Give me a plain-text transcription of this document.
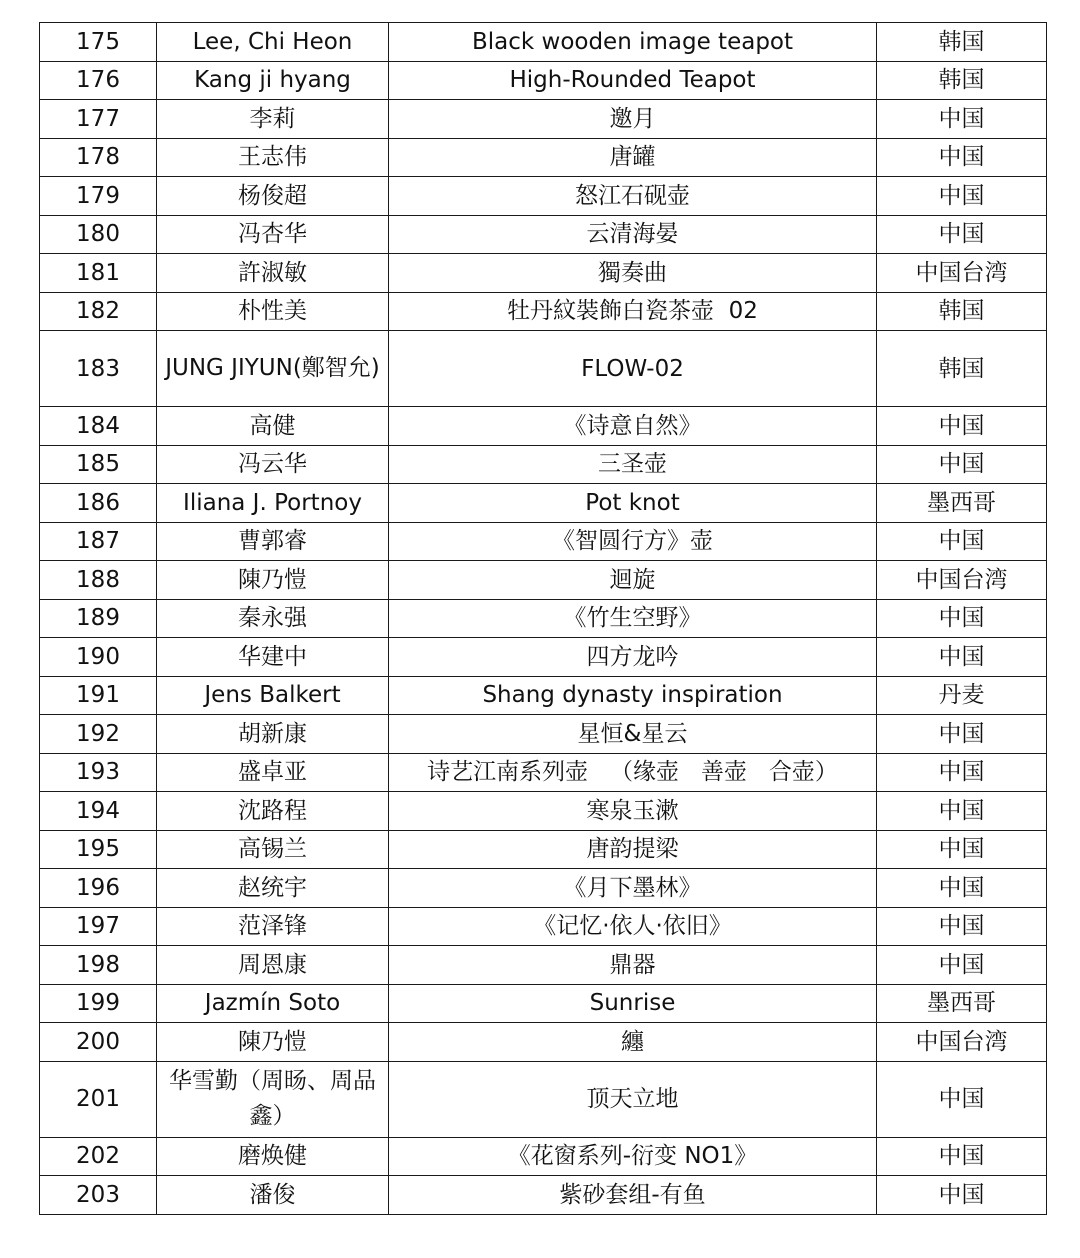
175	Lee, Chi Heon	Black wooden image teapot	韩国
176	Kang ji hyang	High-Rounded Teapot	韩国
177	李莉	邀月	中国
178	王志伟	唐罐	中国
179	杨俊超	怒江石砚壶	中国
180	冯杏华	云清海晏	中国
181	許淑敏	獨奏曲	中国台湾
182	朴性美	牡丹紋裝飾白瓷茶壶  02	韩国
183	JUNG JIYUN(鄭智允)	FLOW-02	韩国
184	高健	《诗意自然》	中国
185	冯云华	三圣壶	中国
186	Iliana J. Portnoy	Pot knot	墨西哥
187	曹郭睿	《智圆行方》壶	中国
188	陳乃愷	迴旋	中国台湾
189	秦永强	《竹生空野》	中国
190	华建中	四方龙吟	中国
191	Jens Balkert	Shang dynasty inspiration	丹麦
192	胡新康	星恒&星云	中国
193	盛卓亚	诗艺江南系列壶   （缘壶   善壶   合壶）	中国
194	沈路程	寒泉玉漱	中国
195	高锡兰	唐韵提梁	中国
196	赵统宇	《月下墨林》	中国
197	范泽锋	《记忆·依人·依旧》	中国
198	周恩康	鼎器	中国
199	Jazmín Soto	Sunrise	墨西哥
200	陳乃愷	纏	中国台湾
201	华雪勤（周旸、周品鑫）	顶天立地	中国
202	磨焕健	《花窗系列-衍变 NO1》	中国
203	潘俊	紫砂套组-有鱼	中国
